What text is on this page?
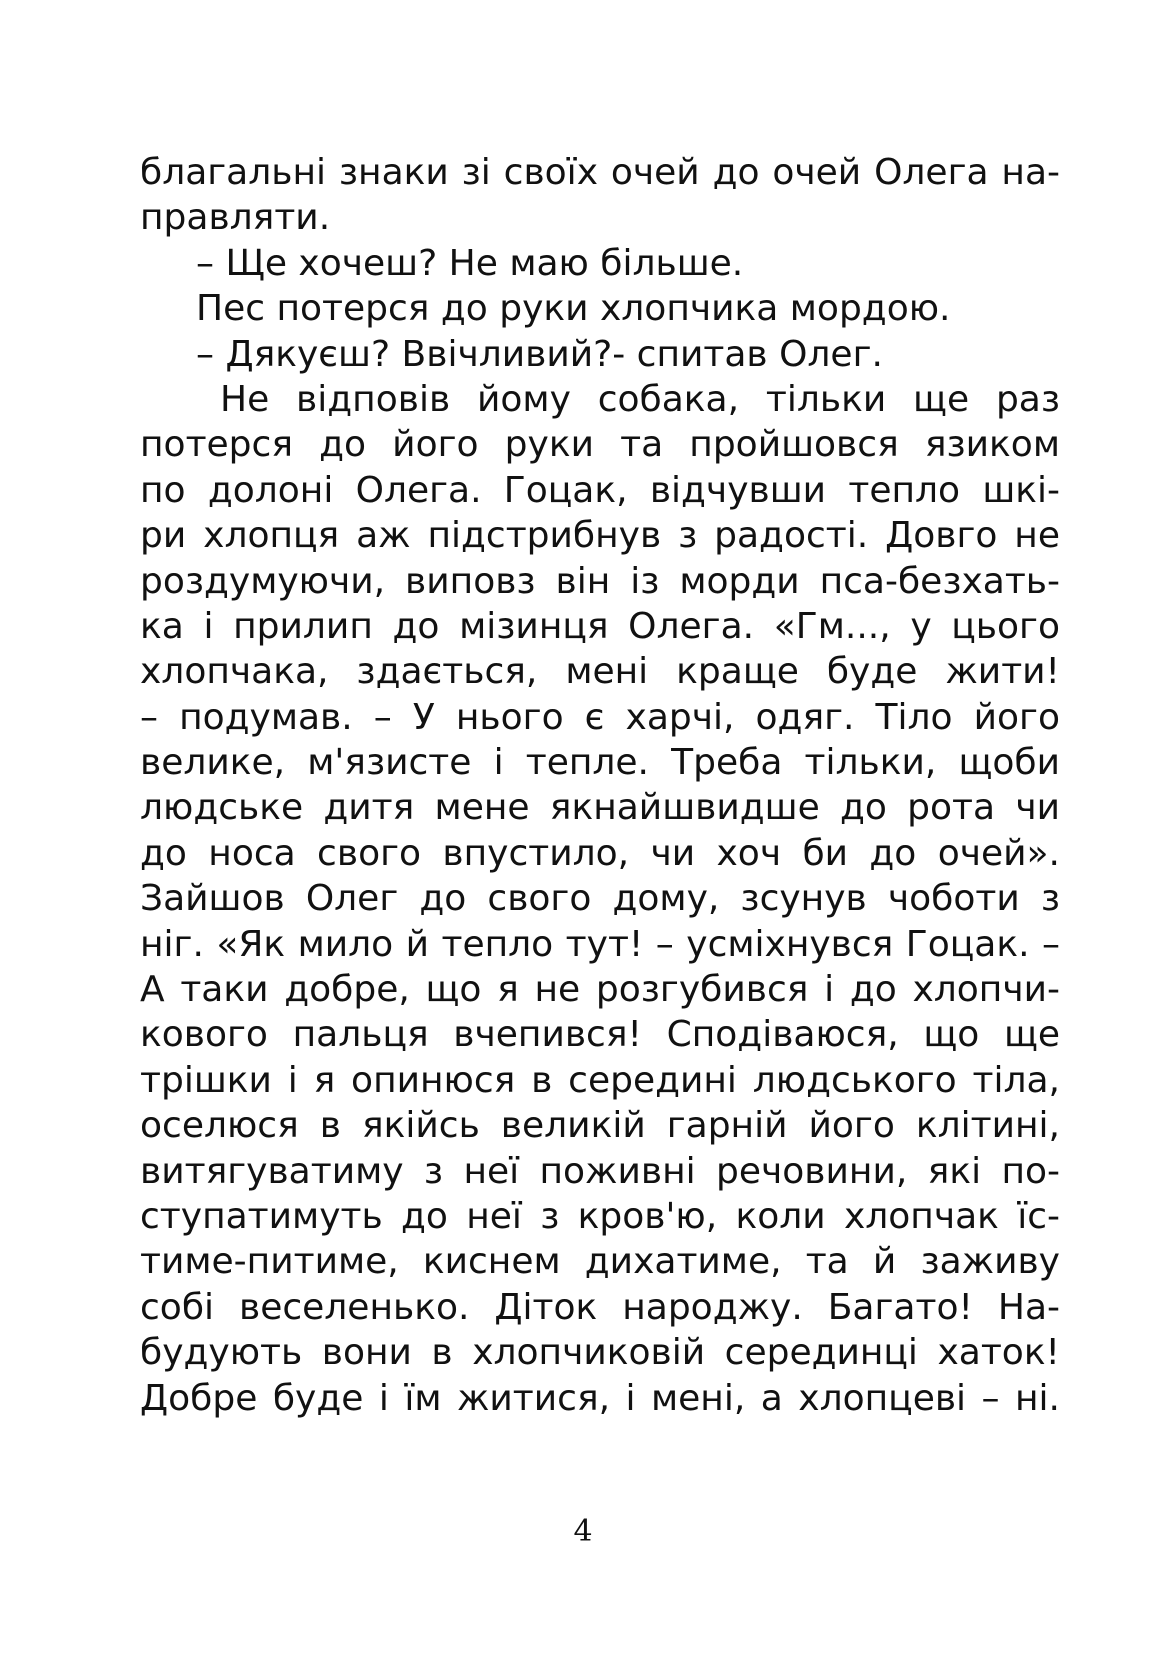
благальні знаки зі своїх очей до очей Олега на-
правляти.
– Ще хочеш? Не маю більше.
Пес потерся до руки хлопчика мордою.
– Дякуєш? Ввічливий?- спитав Олег.
Не відповів йому собака, тільки ще раз
потерся до його руки та пройшовся язиком
по долоні Олега. Гоцак, відчувши тепло шкі-
ри хлопця аж підстрибнув з радості. Довго не
роздумуючи, виповз він із морди пса-безхать-
ка і прилип до мізинця Олега. «Гм..., у цього
хлопчака, здається, мені краще буде жити!
– подумав. – У нього є харчі, одяг. Тіло його
велике, м'язисте і тепле. Треба тільки, щоби
людське дитя мене якнайшвидше до рота чи
до носа свого впустило, чи хоч би до очей».
Зайшов Олег до свого дому, зсунув чоботи з
ніг. «Як мило й тепло тут! – усміхнувся Гоцак. –
А таки добре, що я не розгубився і до хлопчи-
кового пальця вчепився! Сподіваюся, що ще
трішки і я опинюся в середині людського тіла,
оселюся в якійсь великій гарній його клітині,
витягуватиму з неї поживні речовини, які по-
ступатимуть до неї з кров'ю, коли хлопчак їс-
тиме-питиме, киснем дихатиме, та й заживу
собі веселенько. Діток народжу. Багато! На-
будують вони в хлопчиковій серединці хаток!
Добре буде і їм житися, і мені, а хлопцеві – ні.
4
